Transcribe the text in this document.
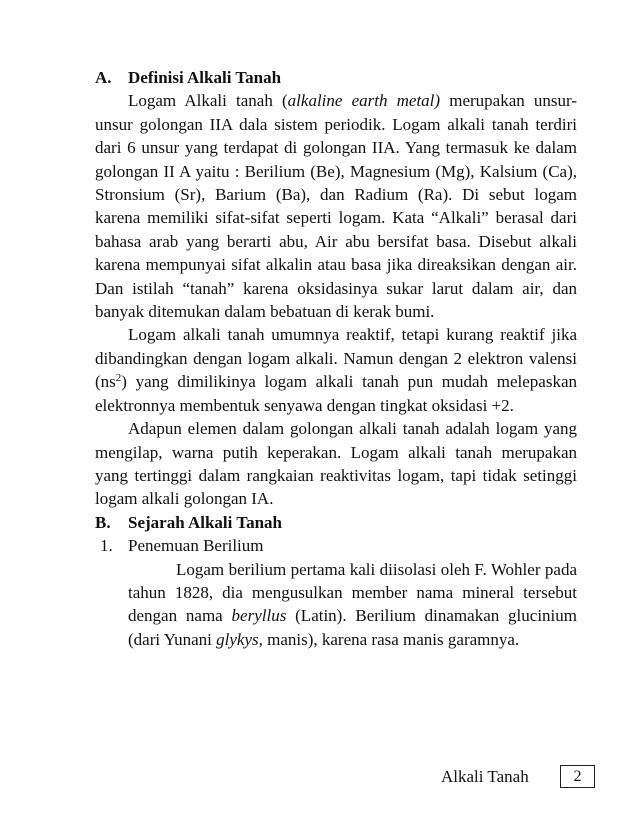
A. Definisi Alkali Tanah

Logam Alkali tanah (alkaline earth metal) merupakan unsur-unsur golongan IIA dala sistem periodik. Logam alkali tanah terdiri dari 6 unsur yang terdapat di golongan IIA. Yang termasuk ke dalam golongan II A yaitu : Berilium (Be), Magnesium (Mg), Kalsium (Ca), Stronsium (Sr), Barium (Ba), dan Radium (Ra). Di sebut logam karena memiliki sifat-sifat seperti logam. Kata “Alkali” berasal dari bahasa arab yang berarti abu, Air abu bersifat basa. Disebut alkali karena mempunyai sifat alkalin atau basa jika direaksikan dengan air. Dan istilah “tanah” karena oksidasinya sukar larut dalam air, dan banyak ditemukan dalam bebatuan di kerak bumi.

Logam alkali tanah umumnya reaktif, tetapi kurang reaktif jika dibandingkan dengan logam alkali. Namun dengan 2 elektron valensi $(ns^2)$ yang dimilikinya logam alkali tanah pun mudah melepaskan elektronnya membentuk senyawa dengan tingkat oksidasi +2.

Adapun elemen dalam golongan alkali tanah adalah logam yang mengilap, warna putih keperakan. Logam alkali tanah merupakan yang tertinggi dalam rangkaian reaktivitas logam, tapi tidak setinggi logam alkali golongan IA.

B. Sejarah Alkali Tanah

1. Penemuan Berilium

Logam berilium pertama kali diisolasi oleh F. Wohler pada tahun 1828, dia mengusulkan member nama mineral tersebut dengan nama beryllus (Latin). Berilium dinamakan glucinium (dari Yunani glykys, manis), karena rasa manis garamnya.

Alkali Tanah	2
